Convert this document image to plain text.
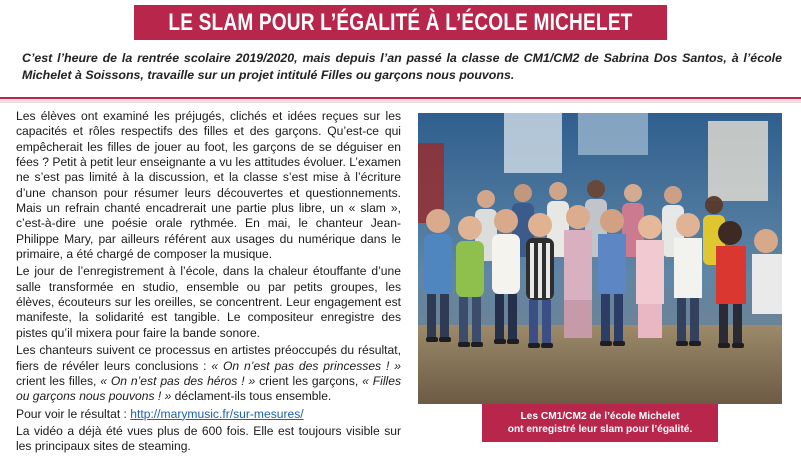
LE SLAM POUR L’ÉGALITÉ À L’ÉCOLE MICHELET
C’est l’heure de la rentrée scolaire 2019/2020, mais depuis l’an passé la classe de CM1/CM2 de Sabrina Dos Santos, à l’école Michelet à Soissons, travaille sur un projet intitulé Filles ou garçons nous pouvons.

Les élèves ont examiné les préjugés, clichés et idées reçues sur les capacités et rôles respectifs des filles et des garçons. Qu’est-ce qui empêcherait les filles de jouer au foot, les garçons de se déguiser en fées ? Petit à petit leur enseignante a vu les attitudes évoluer. L’examen ne s’est pas limité à la discussion, et la classe s’est mise à l’écriture d’une chanson pour résumer leurs découvertes et questionnements. Mais un refrain chanté encadrerait une partie plus libre, un « slam », c’est-à-dire une poésie orale rythmée. En mai, le chanteur Jean-Philippe Mary, par ailleurs référent aux usages du numérique dans le primaire, a été chargé de composer la musique.

Le jour de l’enregistrement à l’école, dans la chaleur étouffante d’une salle transformée en studio, ensemble ou par petits groupes, les élèves, écouteurs sur les oreilles, se concentrent. Leur engagement est manifeste, la solidarité est tangible. Le compositeur enregistre des pistes qu’il mixera pour faire la bande sonore.

Les chanteurs suivent ce processus en artistes préoccupés du résultat, fiers de révéler leurs conclusions : « On n’est pas des princesses ! » crient les filles, « On n’est pas des héros ! » crient les garçons, « Filles ou garçons nous pouvons ! » déclament-ils tous ensemble.

Pour voir le résultat : http://marymusic.fr/sur-mesures/

La vidéo a déjà été vues plus de 600 fois. Elle est toujours visible sur les principaux sites de steaming.

Les CM1/CM2 de l’école Michelet
ont enregistré leur slam pour l’égalité.
